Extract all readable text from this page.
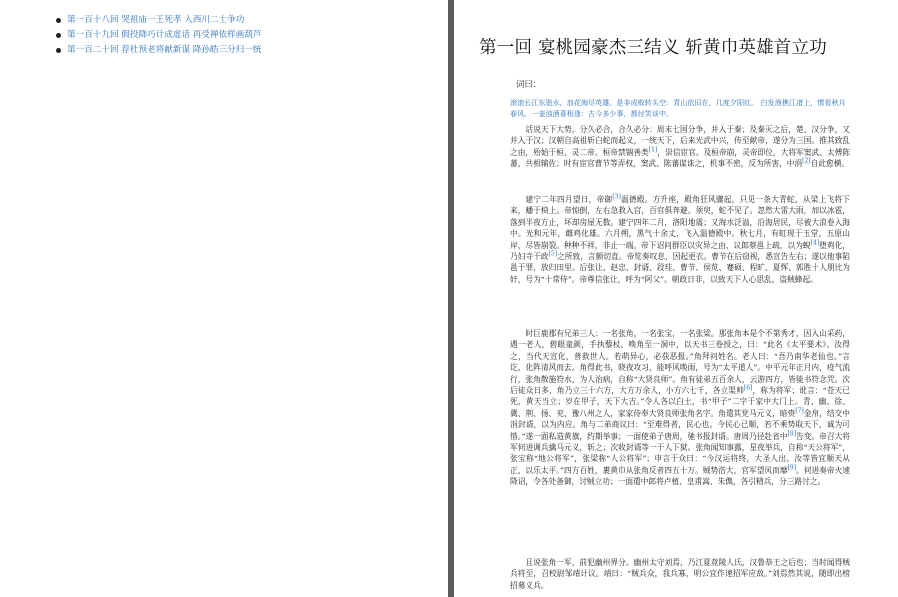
第一百十八回 哭祖庙一王死孝 入西川二士争功
第一百十九回 假投降巧计成虚话 再受禅依样画葫芦
第一百二十回 荐杜预老将献新谋 降孙皓三分归一统	第一回 宴桃园豪杰三结义 斩黄巾英雄首立功

词曰：

滚滚长江东逝水，浪花淘尽英雄。是非成败转头空：青山依旧在，几度夕阳红。 白发渔樵江渚上，惯看秋月春风。一壶浊酒喜相逢：古今多少事，都付笑谈中。

话说天下大势，分久必合，合久必分：周末七国分争，并入于秦；及秦灭之后，楚、汉分争，又并入于汉；汉朝自高祖斩白蛇而起义，一统天下，后来光武中兴，传至献帝，遂分为三国。推其致乱之由，殆始于桓、灵二帝。桓帝禁锢善类[1]，崇信宦官。及桓帝崩，灵帝即位，大将军窦武、太傅陈蕃，共相辅佐；时有宦官曹节等弄权，窦武、陈蕃谋诛之，机事不密，反为所害，中涓[2]自此愈横。

建宁二年四月望日，帝御[3]温德殿。方升座，殿角狂风骤起，只见一条大青蛇，从梁上飞将下来，蟠于椅上。帝惊倒，左右急救入宫，百官俱奔避。须臾，蛇不见了。忽然大雷大雨，加以冰雹，落到半夜方止，坏却房屋无数。建宁四年二月，洛阳地震；又海水泛溢，沿海居民，尽被大浪卷入海中。光和元年，雌鸡化雄。六月朔，黑气十余丈，飞入温德殿中。秋七月，有虹现于玉堂，五原山岸，尽皆崩裂。种种不祥，非止一端。帝下诏问群臣以灾异之由，议郎蔡邕上疏，以为蜺[4]堕鸡化，乃妇寺干政[5]之所致，言颇切直。帝览奏叹息，因起更衣。曹节在后窃视，悉宣告左右；遂以他事陷邕于罪，放归田里。后张让、赵忠、封谞、段珪、曹节、侯览、蹇硕、程旷、夏恽、郭胜十人朋比为奸，号为“十常侍”。帝尊信张让，呼为“阿父”。朝政日非，以致天下人心思乱，盗贼蜂起。

时巨鹿郡有兄弟三人：一名张角，一名张宝，一名张梁。那张角本是个不第秀才，因入山采药，遇一老人，碧眼童颜，手执藜杖，唤角至一洞中，以天书三卷授之，曰：“此名《太平要术》。汝得之，当代天宣化，普救世人。若萌异心，必获恶报。”角拜问姓名。老人曰：“吾乃南华老仙也。”言讫，化阵清风而去。角得此书，晓夜攻习，能呼风唤雨，号为“太平道人”。中平元年正月内，疫气流行，张角散施符水，为人治病，自称“大贤良师”。角有徒弟五百余人，云游四方，皆能书符念咒。次后徒众日多，角乃立三十六方，大方万余人，小方六七千，各立渠帅[6]，称为将军；讹言：“苍天已死，黄天当立；岁在甲子，天下大吉。”令人各以白土，书“甲子”二字于家中大门上。青、幽、徐、冀、荆、扬、兖、豫八州之人，家家侍奉大贤良师张角名字。角遣其党马元义，暗赍[7]金帛，结交中涓封谞，以为内应。角与二弟商议曰：“至难得者，民心也。今民心已顺，若不乘势取天下，诚为可惜。”遂一面私造黄旗，约期举事；一面使弟子唐周，驰书报封谞。唐周乃径赴省中[8]告变。帝召大将军何进调兵擒马元义，斩之；次收封谞等一干人下狱。张角闻知事露，星夜举兵，自称“天公将军”，张宝称“地公将军”，张梁称“人公将军”；申言于众曰：“今汉运将终，大圣人出。汝等皆宜顺天从正，以乐太平。”四方百姓，裹黄巾从张角反者四五十万。贼势浩大，官军望风而靡[9]。何进奏帝火速降诏，令各处备御，讨贼立功；一面遣中郎将卢植、皇甫嵩、朱儁，各引精兵，分三路讨之。

且说张角一军，前犯幽州界分。幽州太守刘焉，乃江夏竟陵人氏，汉鲁恭王之后也；当时闻得贼兵将至，召校尉邹靖计议。靖曰：“贼兵众，我兵寡，明公宜作速招军应敌。”刘焉然其说，随即出榜招募义兵。
